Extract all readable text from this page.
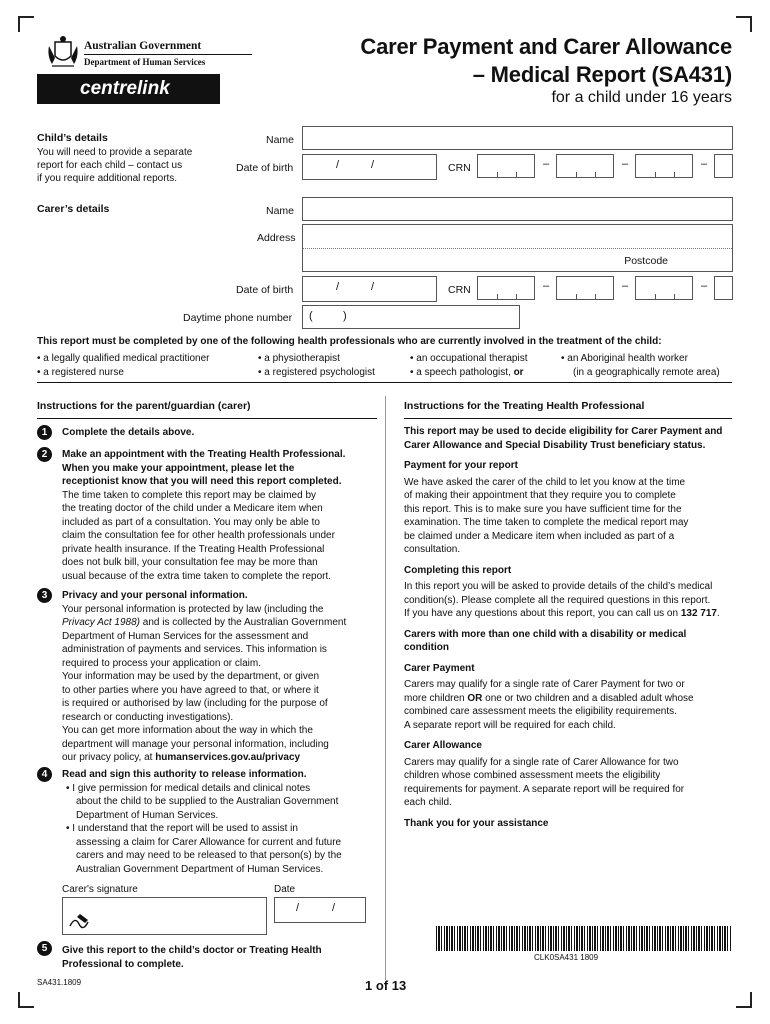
Australian Government
Department of Human Services
centrelink
Carer Payment and Carer Allowance
– Medical Report (SA431)
for a child under 16 years
Child’s details
You will need to provide a separate
report for each child – contact us
if you require additional reports.
Name
Date of birth	/	/	CRN	–	–	–
Carer’s details	Name
Address
Postcode
Date of birth	/	/	CRN	–	–	–
Daytime phone number (	)
This report must be completed by one of the following health professionals who are currently involved in the treatment of the child:
• a legally qualified medical practitioner
• a registered nurse
• a physiotherapist
• a registered psychologist
• an occupational therapist
• a speech pathologist, or
• an Aboriginal health worker
(in a geographically remote area)
Instructions for the parent/guardian (carer)
1	Complete the details above.
2	Make an appointment with the Treating Health Professional.
When you make your appointment, please let the
receptionist know that you will need this report completed.
The time taken to complete this report may be claimed by
the treating doctor of the child under a Medicare item when
included as part of a consultation. You may only be able to
claim the consultation fee for other health professionals under
private health insurance. If the Treating Health Professional
does not bulk bill, your consultation fee may be more than
usual because of the extra time taken to complete the report.
3	Privacy and your personal information.
Your personal information is protected by law (including the
Privacy Act 1988) and is collected by the Australian Government
Department of Human Services for the assessment and
administration of payments and services. This information is
required to process your application or claim.
Your information may be used by the department, or given
to other parties where you have agreed to that, or where it
is required or authorised by law (including for the purpose of
research or conducting investigations).
You can get more information about the way in which the
department will manage your personal information, including
our privacy policy, at humanservices.gov.au/privacy
4	Read and sign this authority to release information.
• I give permission for medical details and clinical notes
about the child to be supplied to the Australian Government
Department of Human Services.
• I understand that the report will be used to assist in
assessing a claim for Carer Allowance for current and future
carers and may need to be released to that person(s) by the
Australian Government Department of Human Services.
Carer's signature	Date
/	/
5	Give this report to the child’s doctor or Treating Health
Professional to complete.
Instructions for the Treating Health Professional
This report may be used to decide eligibility for Carer Payment and
Carer Allowance and Special Disability Trust beneficiary status.
Payment for your report
We have asked the carer of the child to let you know at the time
of making their appointment that they require you to complete
this report. This is to make sure you have sufficient time for the
examination. The time taken to complete the medical report may
be claimed under a Medicare item when included as part of a
consultation.
Completing this report
In this report you will be asked to provide details of the child’s medical
condition(s). Please complete all the required questions in this report.
If you have any questions about this report, you can call us on 132 717.
Carers with more than one child with a disability or medical
condition
Carer Payment
Carers may qualify for a single rate of Carer Payment for two or
more children OR one or two children and a disabled adult whose
combined care assessment meets the eligibility requirements.
A separate report will be required for each child.
Carer Allowance
Carers may qualify for a single rate of Carer Allowance for two
children whose combined assessment meets the eligibility
requirements for payment. A separate report will be required for
each child.
Thank you for your assistance
CLK0SA431 1809
SA431.1809	1 of 13
